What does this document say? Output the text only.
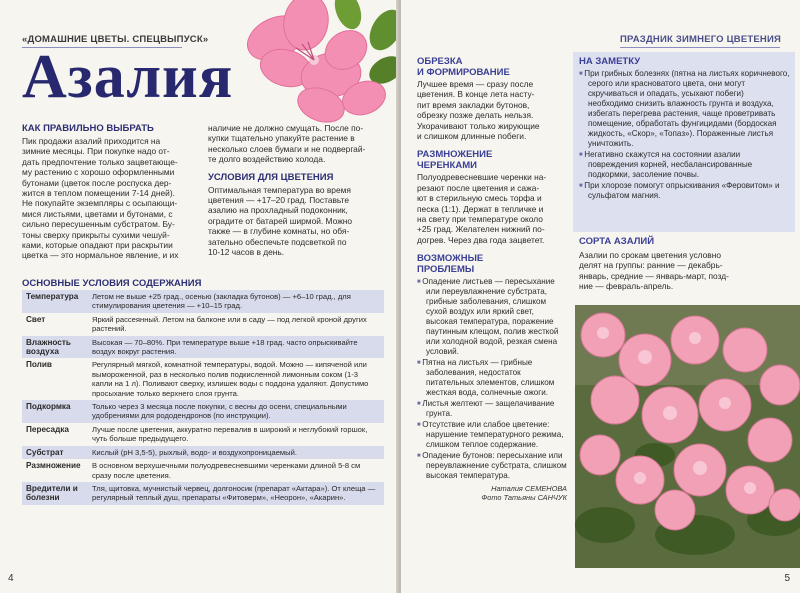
«ДОМАШНИЕ ЦВЕТЫ. СПЕЦВЫПУСК»
Азалия
КАК ПРАВИЛЬНО ВЫБРАТЬ
Пик продажи азалий приходится на
зимние месяцы. При покупке надо от-
дать предпочтение только зацветающе-
му растению с хорошо оформленными
бутонами (цветок после роспуска дер-
жится в теплом помещении 7-14 дней).
Не покупайте экземпляры с осыпающи-
мися листьями, цветами и бутонами, с
сильно пересушенным субстратом. Бу-
тоны сверху прикрыты сухими чешуй-
ками, которые опадают при раскрытии
цветка — это нормальное явление, и их
наличие не должно смущать. После по-
купки тщательно упакуйте растение в
несколько слоев бумаги и не подвергай-
те долго воздействию холода.
УСЛОВИЯ ДЛЯ ЦВЕТЕНИЯ
Оптимальная температура во время
цветения — +17–20 град. Поставьте
азалию на прохладный подоконник,
оградите от батарей ширмой. Можно
также — в глубине комнаты, но обя-
зательно обеспечьте подсветкой по
10-12 часов в день.
ОСНОВНЫЕ УСЛОВИЯ СОДЕРЖАНИЯ
Температура	Летом не выше +25 град., осенью (закладка бутонов) — +6–10 град., для стимулирования цветения — +10–15 град.
Свет	Яркий рассеянный. Летом на балконе или в саду — под легкой кроной других растений.
Влажность воздуха	Высокая — 70–80%. При температуре выше +18 град. часто опрыскивайте воздух вокруг растения.
Полив	Регулярный мягкой, комнатной температуры, водой. Можно — кипяченой или вымороженной, раз в несколько полив подкисленной лимонным соком (1-3 капли на 1 л). Поливают сверху, излишек воды с поддона удаляют. Допустимо просыхание только верхнего слоя грунта.
Подкормка	Только через 3 месяца после покупки, с весны до осени, специальными удобрениями для рододендронов (по инструкции).
Пересадка	Лучше после цветения, аккуратно перевалив в широкий и неглубокий горшок, чуть больше предыдущего.
Субстрат	Кислый (рН 3,5-5), рыхлый, водо- и воздухопроницаемый.
Размножение	В основном верхушечными полуодревесневшими черенками длиной 5-8 см сразу после цветения.
Вредители и болезни	Тля, щитовка, мучнистый червец, долгоносик (препарат «Актара»). От клеща — регулярный теплый душ, препараты «Фитоверм», «Неорон», «Акарин».
4
ПРАЗДНИК ЗИМНЕГО ЦВЕТЕНИЯ
ОБРЕЗКА
И ФОРМИРОВАНИЕ
Лучшее время — сразу после
цветения. В конце лета насту-
пит время закладки бутонов,
обрезку позже делать нельзя.
Укорачивают только жирующие
и слишком длинные побеги.
РАЗМНОЖЕНИЕ
ЧЕРЕНКАМИ
Полуодревесневшие черенки на-
резают после цветения и сажа-
ют в стерильную смесь торфа и
песка (1:1). Держат в тепличке и
на свету при температуре около
+25 град. Желателен нижний по-
догрев. Через два года зацветет.
ВОЗМОЖНЫЕ
ПРОБЛЕМЫ
■ Опадение листьев — пересыхание или переувлажнение субстрата, грибные заболевания, слишком сухой воздух или яркий свет, высокая температура, поражение паутинным клещом, полив жесткой или холодной водой, резкая смена условий.
■ Пятна на листьях — грибные заболевания, недостаток питательных элементов, слишком жесткая вода, солнечные ожоги.
■ Листья желтеют — защелачивание грунта.
■ Отсутствие или слабое цветение: нарушение температурного режима, слишком теплое содержание.
■ Опадение бутонов: пересыхание или переувлажнение субстрата, слишком высокая температура.
Наталия СЕМЕНОВА
Фото Татьяны САНЧУК
НА ЗАМЕТКУ
■ При грибных болезнях (пятна на листьях коричневого, серого или красноватого цвета, они могут скручиваться и опадать, усыхают побеги) необходимо снизить влажность грунта и воздуха, избегать перегрева растения, чаще проветривать помещение, обработать фунгицидами (бордоская жидкость, «Скор», «Топаз»). Пораженные листья уничтожить.
■ Негативно скажутся на состоянии азалии повреждения корней, несбалансированные подкормки, засоление почвы.
■ При хлорозе помогут опрыскивания «Феровитом» и сульфатом магния.
СОРТА АЗАЛИЙ
Азалии по срокам цветения условно
делят на группы: ранние — декабрь-
январь, средние — январь-март, позд-
ние — февраль-апрель.
5
